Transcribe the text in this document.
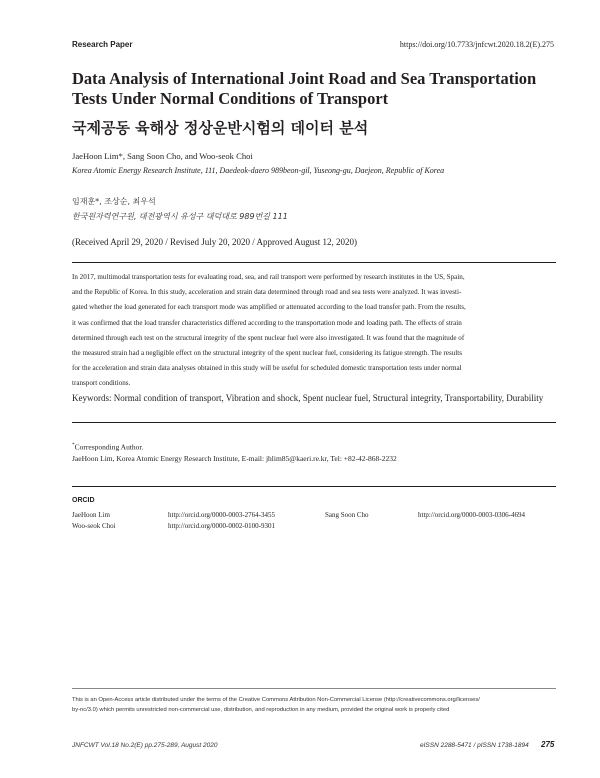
Research Paper	https://doi.org/10.7733/jnfcwt.2020.18.2(E).275
Data Analysis of International Joint Road and Sea Transportation Tests Under Normal Conditions of Transport
국제공동 육해상 정상운반시험의 데이터 분석
JaeHoon Lim*, Sang Soon Cho, and Woo-seok Choi
Korea Atomic Energy Research Institute, 111, Daedeok-daero 989beon-gil, Yuseong-gu, Daejeon, Republic of Korea
임재훈*, 조상순, 최우석
한국원자력연구원, 대전광역시 유성구 대덕대로 989번길 111
(Received April 29, 2020 / Revised July 20, 2020 / Approved August 12, 2020)
In 2017, multimodal transportation tests for evaluating road, sea, and rail transport were performed by research institutes in the US, Spain,
and the Republic of Korea. In this study, acceleration and strain data determined through road and sea tests were analyzed. It was investi-
gated whether the load generated for each transport mode was amplified or attenuated according to the load transfer path. From the results,
it was confirmed that the load transfer characteristics differed according to the transportation mode and loading path. The effects of strain
determined through each test on the structural integrity of the spent nuclear fuel were also investigated. It was found that the magnitude of
the measured strain had a negligible effect on the structural integrity of the spent nuclear fuel, considering its fatigue strength. The results
for the acceleration and strain data analyses obtained in this study will be useful for scheduled domestic transportation tests under normal
transport conditions.
Keywords: Normal condition of transport, Vibration and shock, Spent nuclear fuel, Structural integrity, Transportability, Durability
*Corresponding Author.
JaeHoon Lim, Korea Atomic Energy Research Institute, E-mail: jhlim85@kaeri.re.kr, Tel: +82-42-868-2232
ORCID
JaeHoon Lim	http://orcid.org/0000-0003-2764-3455	Sang Soon Cho	http://orcid.org/0000-0003-0306-4694
Woo-seok Choi	http://orcid.org/0000-0002-0100-9301
This is an Open-Access article distributed under the terms of the Creative Commons Attribution Non-Commercial License (http://creativecommons.org/licenses/
by-nc/3.0) which permits unrestricted non-commercial use, distribution, and reproduction in any medium, provided the original work is properly cited
JNFCWT Vol.18 No.2(E) pp.275-289, August 2020	eISSN 2288-5471 / pISSN 1738-1894 275
